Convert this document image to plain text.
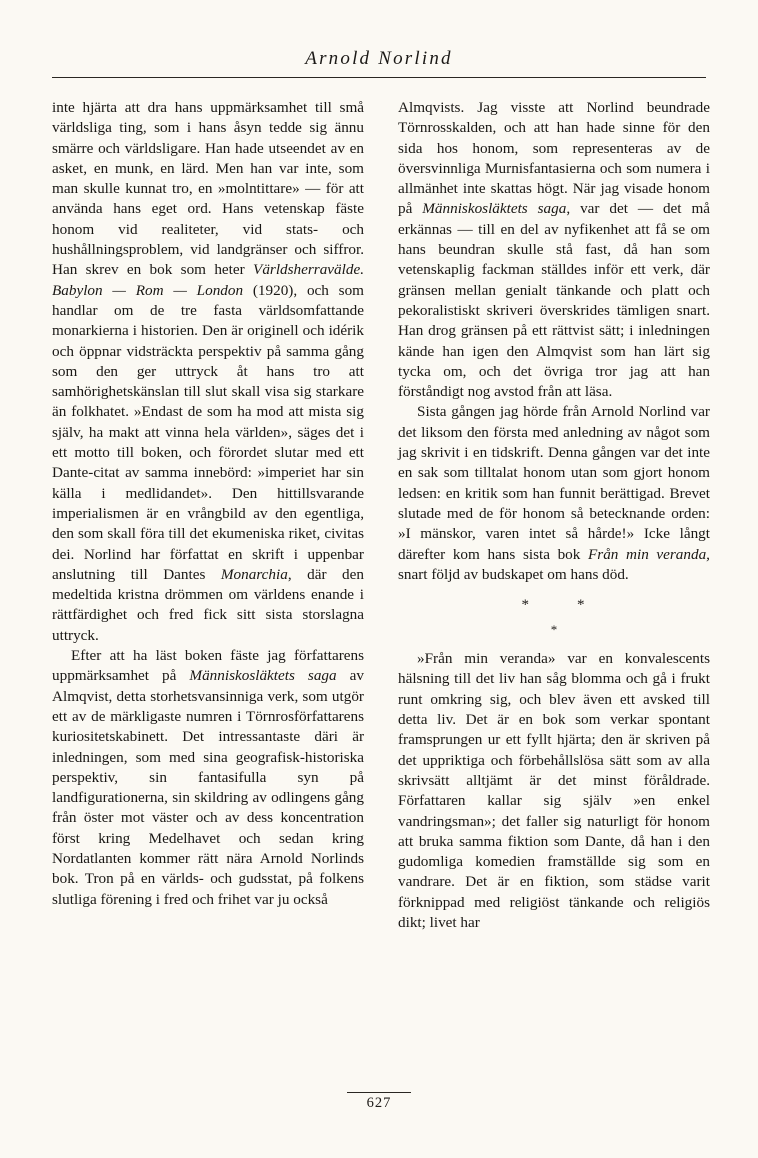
Arnold Norlind

inte hjärta att dra hans uppmärksamhet till små världsliga ting, som i hans åsyn tedde sig ännu smärre och världsligare. Han hade utseendet av en asket, en munk, en lärd. Men han var inte, som man skulle kunnat tro, en »molntittare» — för att använda hans eget ord. Hans vetenskap fäste honom vid realiteter, vid stats- och hushållningsproblem, vid landgränser och siffror. Han skrev en bok som heter Världsherravälde. Babylon — Rom — London (1920), och som handlar om de tre fasta världsomfattande monarkierna i historien. Den är originell och idérik och öppnar vidsträckta perspektiv på samma gång som den ger uttryck åt hans tro att samhörighetskänslan till slut skall visa sig starkare än folkhatet. »Endast de som ha mod att mista sig själv, ha makt att vinna hela världen», säges det i ett motto till boken, och förordet slutar med ett Dante-citat av samma innebörd: »imperiet har sin källa i medlidandet». Den hittillsvarande imperialismen är en vrångbild av den egentliga, den som skall föra till det ekumeniska riket, civitas dei. Norlind har författat en skrift i uppenbar anslutning till Dantes Monarchia, där den medeltida kristna drömmen om världens enande i rättfärdighet och fred fick sitt sista storslagna uttryck.

Efter att ha läst boken fäste jag författarens uppmärksamhet på Människosläktets saga av Almqvist, detta storhetsvansinniga verk, som utgör ett av de märkligaste numren i Törnrosförfattarens kuriositetskabinett. Det intressantaste däri är inledningen, som med sina geografisk-historiska perspektiv, sin fantasifulla syn på landfigurationerna, sin skildring av odlingens gång från öster mot väster och av dess koncentration först kring Medelhavet och sedan kring Nordatlanten kommer rätt nära Arnold Norlinds bok. Tron på en världs- och gudsstat, på folkens slutliga förening i fred och frihet var ju också

Almqvists. Jag visste att Norlind beundrade Törnrosskalden, och att han hade sinne för den sida hos honom, som representeras av de översvinnliga Murnisfantasierna och som numera i allmänhet inte skattas högt. När jag visade honom på Människosläktets saga, var det — det må erkännas — till en del av nyfikenhet att få se om hans beundran skulle stå fast, då han som vetenskaplig fackman ställdes inför ett verk, där gränsen mellan genialt tänkande och platt och pekoralistiskt skriveri överskrides tämligen snart. Han drog gränsen på ett rättvist sätt; i inledningen kände han igen den Almqvist som han lärt sig tycka om, och det övriga tror jag att han förståndigt nog avstod från att läsa.

Sista gången jag hörde från Arnold Norlind var det liksom den första med anledning av något som jag skrivit i en tidskrift. Denna gången var det inte en sak som tilltalat honom utan som gjort honom ledsen: en kritik som han funnit berättigad. Brevet slutade med de för honom så betecknande orden: »I mänskor, varen intet så hårde!» Icke långt därefter kom hans sista bok Från min veranda, snart följd av budskapet om hans död.

*        *
*

»Från min veranda» var en konvalescents hälsning till det liv han såg blomma och gå i frukt runt omkring sig, och blev även ett avsked till detta liv. Det är en bok som verkar spontant framsprungen ur ett fyllt hjärta; den är skriven på det uppriktiga och förbehållslösa sätt som av alla skrivsätt alltjämt är det minst föråldrade. Författaren kallar sig själv »en enkel vandringsman»; det faller sig naturligt för honom att bruka samma fiktion som Dante, då han i den gudomliga komedien framställde sig som en vandrare. Det är en fiktion, som städse varit förknippad med religiöst tänkande och religiös dikt; livet har

627
